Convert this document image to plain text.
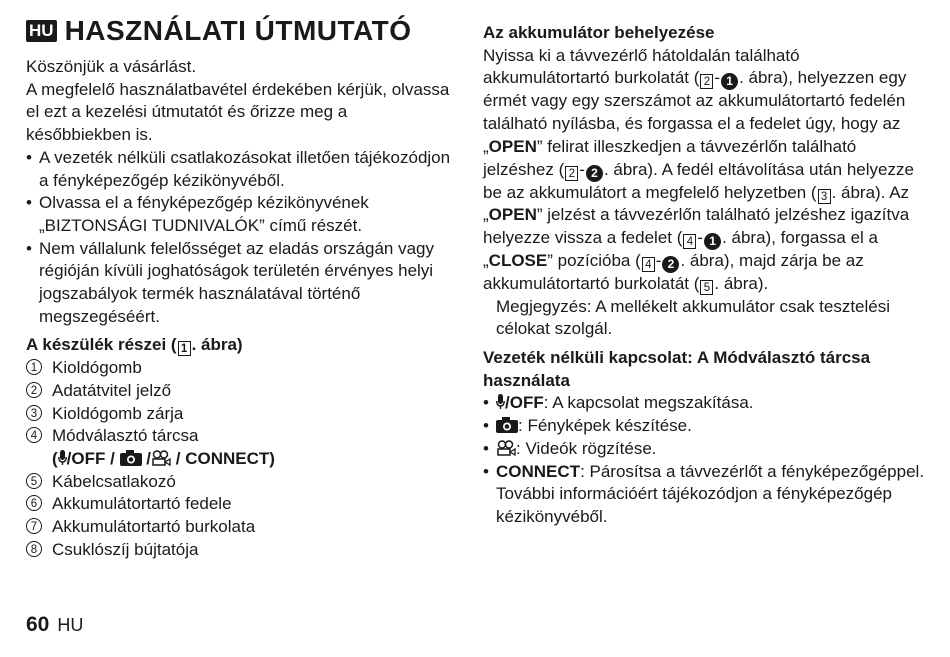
HU HASZNÁLATI ÚTMUTATÓ

Köszönjük a vásárlást.

A megfelelő használatbavétel érdekében kérjük, olvassa el ezt a kezelési útmutatót és őrizze meg a későbbiekben is.

• A vezeték nélküli csatlakozásokat illetően tájékozódjon a fényképezőgép kézikönyvéből.
• Olvassa el a fényképezőgép kézikönyvének „BIZTONSÁGI TUDNIVALÓK” című részét.
• Nem vállalunk felelősséget az eladás országán vagy régióján kívüli joghatóságok területén érvényes helyi jogszabályok termék használatával történő megszegéséért.

A készülék részei ( 1 . ábra)

1 Kioldógomb
2 Adatátvitel jelző
3 Kioldógomb zárja
4 Módválasztó tárcsa
( /OFF /  / / CONNECT)
5 Kábelcsatlakozó
6 Akkumulátortartó fedele
7 Akkumulátortartó burkolata
8 Csuklószíj bújtatója

Az akkumulátor behelyezése

Nyissa ki a távvezérlő hátoldalán található akkumulátortartó burkolatát ( 2 - 1 . ábra), helyezzen egy érmét vagy egy szerszámot az akkumulátortartó fedelén található nyílásba, és forgassa el a fedelet úgy, hogy az „OPEN” felirat illeszkedjen a távvezérlőn található jelzéshez ( 2 - 2 . ábra). A fedél eltávolítása után helyezze be az akkumulátort a megfelelő helyzetben ( 3 . ábra). Az „OPEN” jelzést a távvezérlőn található jelzéshez igazítva helyezze vissza a fedelet ( 4 - 1 . ábra), forgassa el a „CLOSE” pozícióba ( 4 - 2 . ábra), majd zárja be az akkumulátortartó burkolatát ( 5 . ábra).

Megjegyzés: A mellékelt akkumulátor csak tesztelési célokat szolgál.

Vezeték nélküli kapcsolat: A Módválasztó tárcsa használata

• /OFF: A kapcsolat megszakítása.
• : Fényképek készítése.
• : Videók rögzítése.
• CONNECT: Párosítsa a távvezérlőt a fényképezőgéppel. További információért tájékozódjon a fényképezőgép kézikönyvéből.
60 HU
